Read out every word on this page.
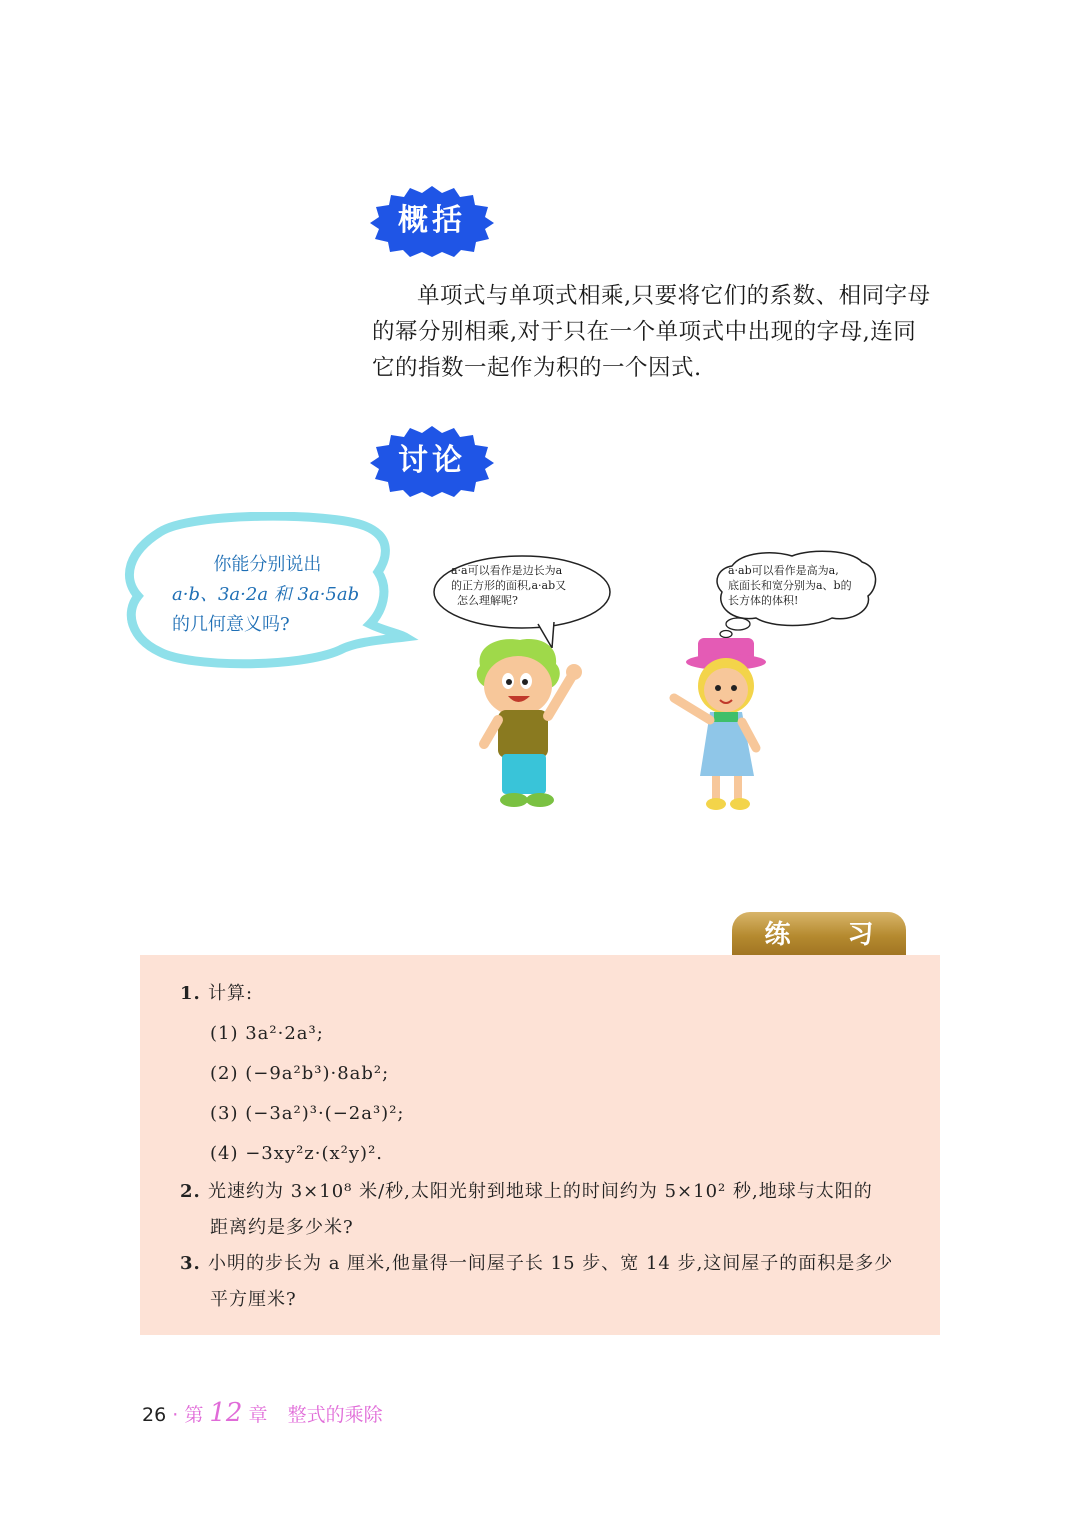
概括

单项式与单项式相乘,只要将它们的系数、相同字母

的幂分别相乘,对于只在一个单项式中出现的字母,连同
它的指数一起作为积的一个因式.
讨论
你能分别说出
a·b、3a·2a 和 3a·5ab
的几何意义吗?
a·a可以看作是边长为a
的正方形的面积,a·ab又
怎么理解呢?
a·ab可以看作是高为a,
底面长和宽分别为a、b的
长方体的体积!
练 习
1. 计算:
(1) 3a²·2a³;
(2) (−9a²b³)·8ab²;
(3) (−3a²)³·(−2a³)²;
(4) −3xy²z·(x²y)².
2. 光速约为 3×10⁸ 米/秒,太阳光射到地球上的时间约为 5×10² 秒,地球与太阳的
距离约是多少米?
3. 小明的步长为 a 厘米,他量得一间屋子长 15 步、宽 14 步,这间屋子的面积是多少
平方厘米?
26 · 第 12 章 整式的乘除
